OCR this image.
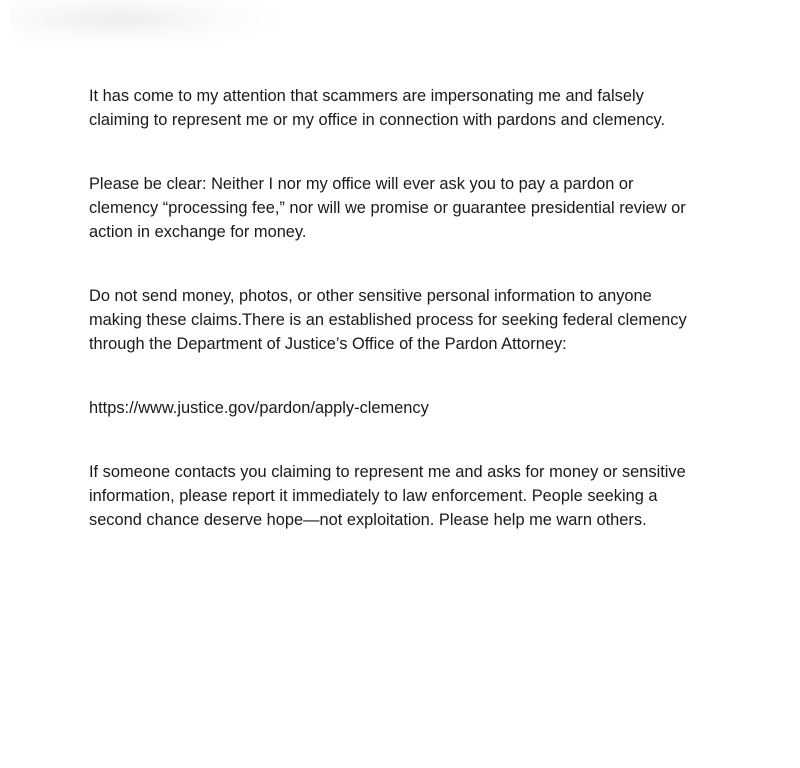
It has come to my attention that scammers are impersonating me and falsely
claiming to represent me or my office in connection with pardons and clemency.

Please be clear: Neither I nor my office will ever ask you to pay a pardon or
clemency “processing fee,” nor will we promise or guarantee presidential review or
action in exchange for money.

Do not send money, photos, or other sensitive personal information to anyone
making these claims.There is an established process for seeking federal clemency
through the Department of Justice’s Office of the Pardon Attorney:

https://www.justice.gov/pardon/apply-clemency

If someone contacts you claiming to represent me and asks for money or sensitive
information, please report it immediately to law enforcement. People seeking a
second chance deserve hope—not exploitation. Please help me warn others.
